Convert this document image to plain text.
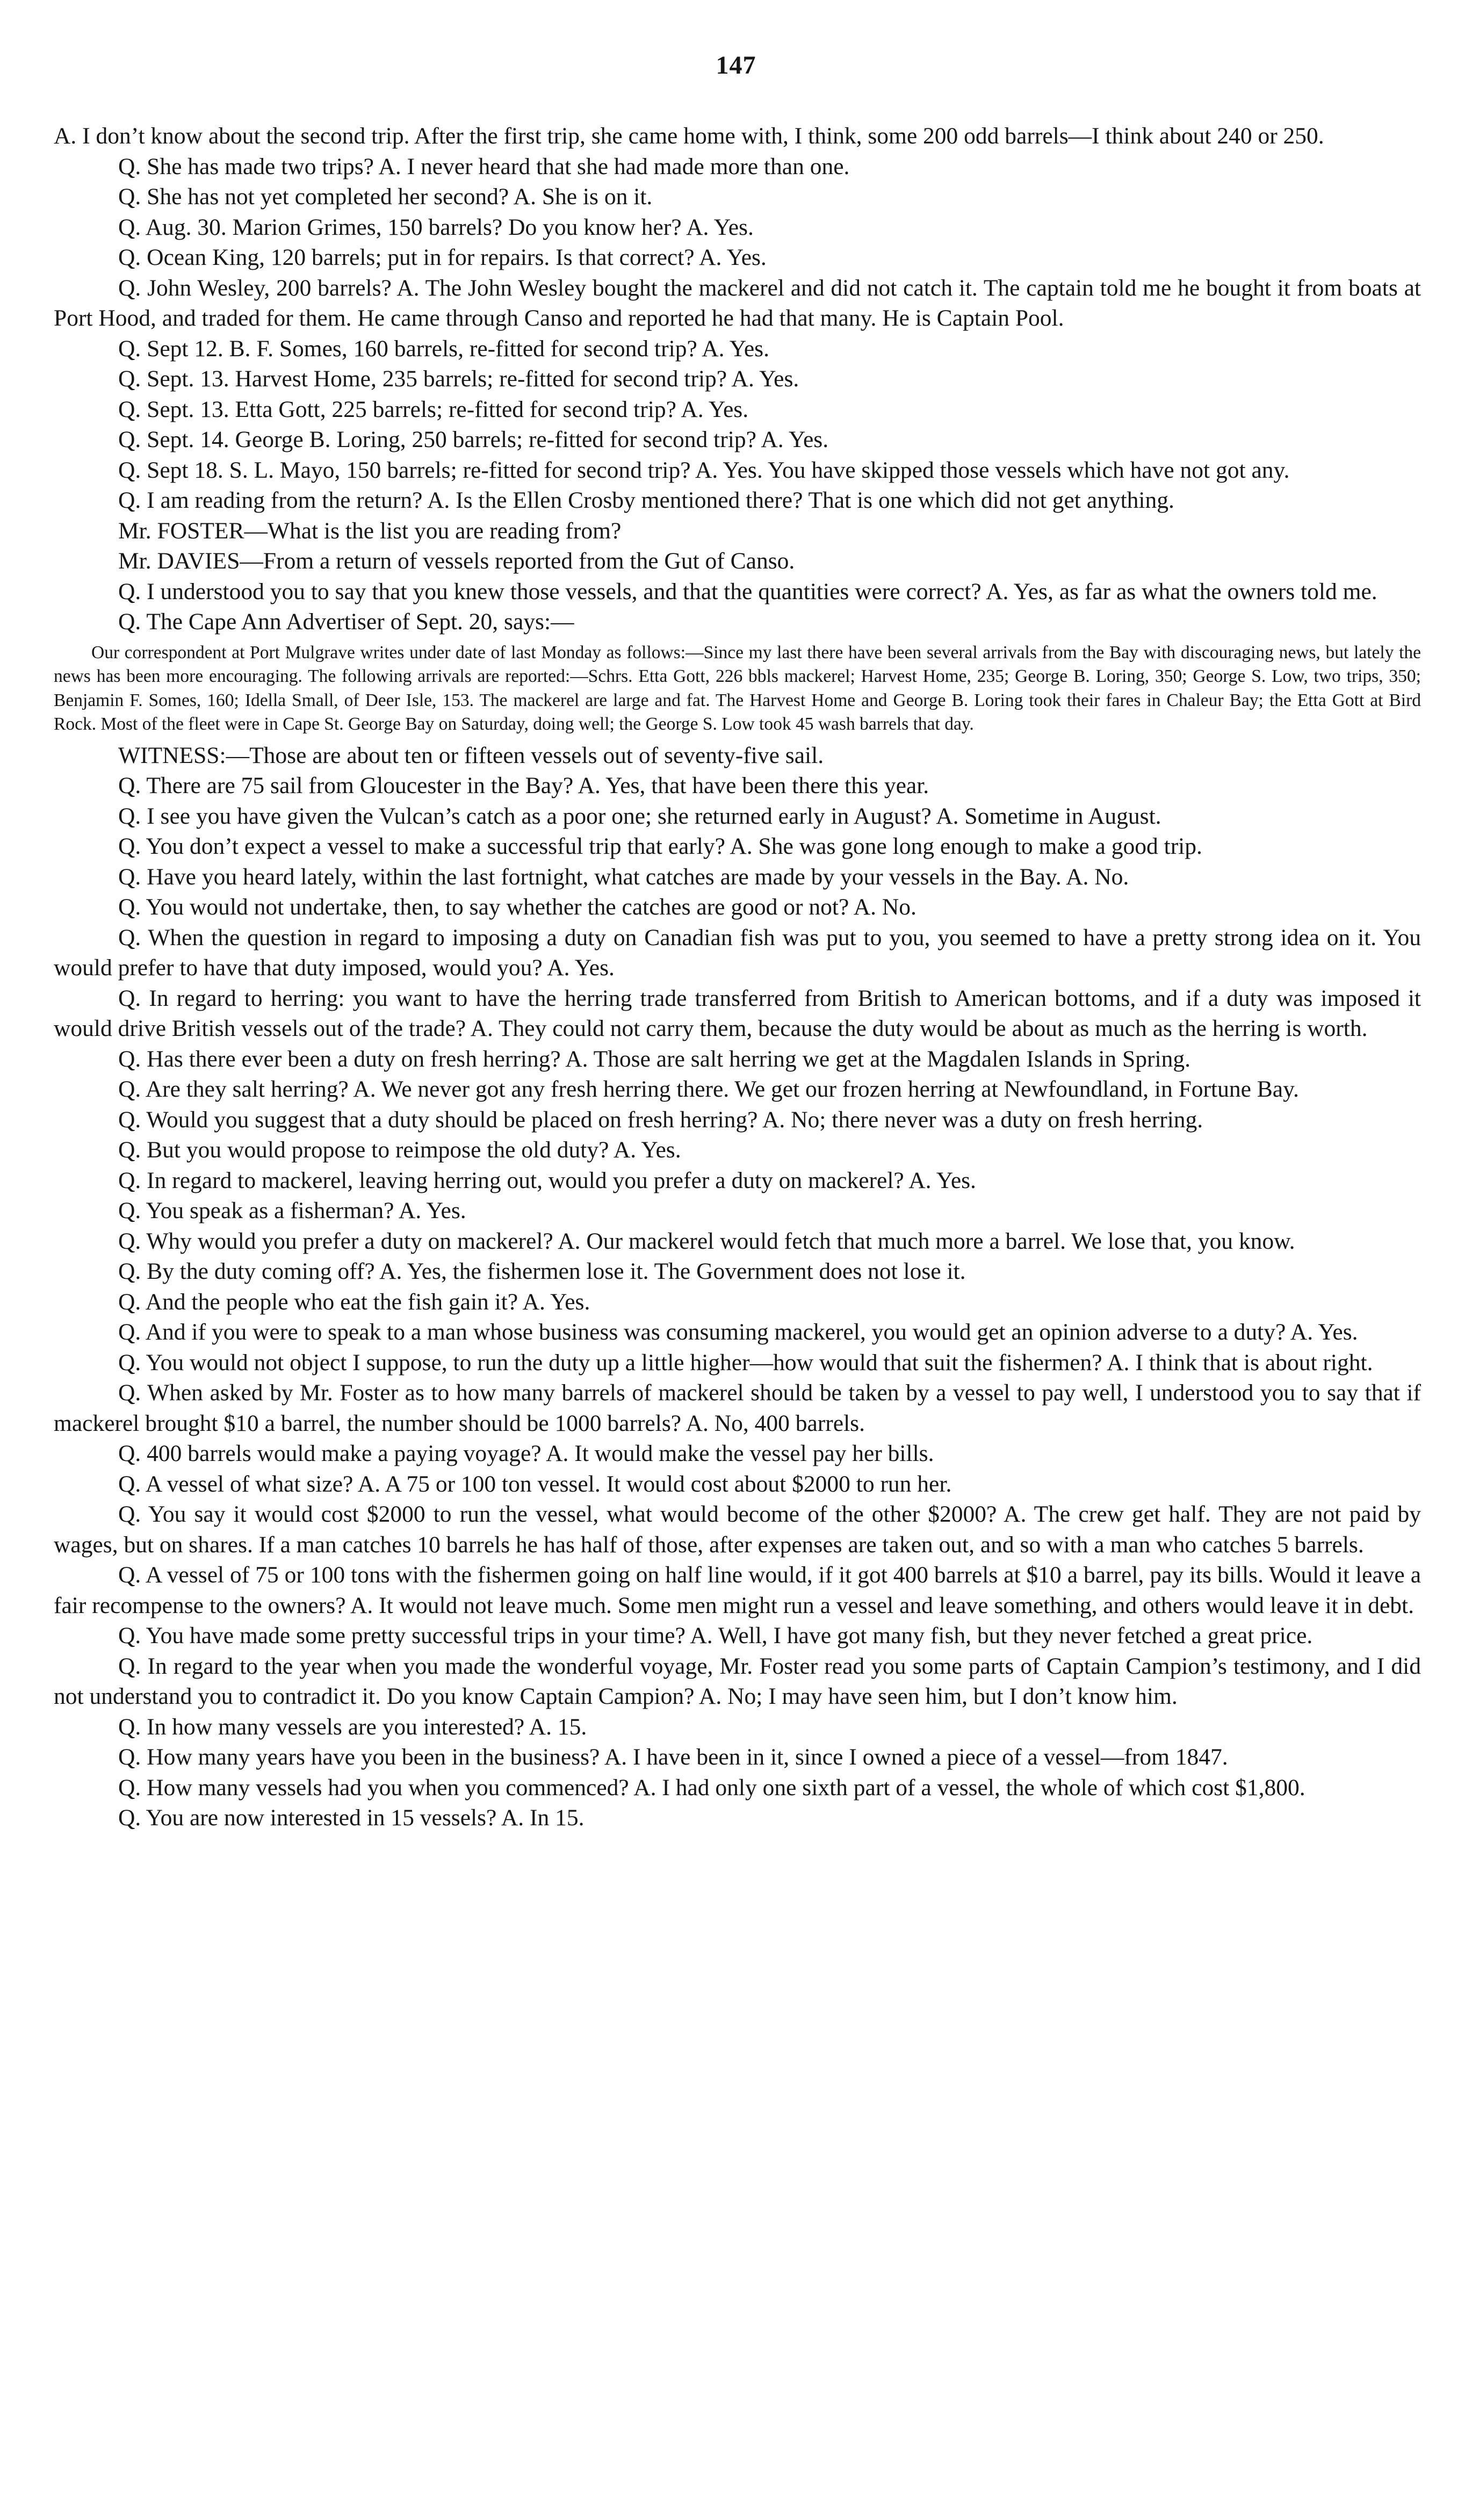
147

A. I don’t know about the second trip. After the first trip, she came home with, I think, some 200 odd barrels—I think about 240 or 250.

Q. She has made two trips? A. I never heard that she had made more than one.

Q. She has not yet completed her second? A. She is on it.

Q. Aug. 30. Marion Grimes, 150 barrels? Do you know her? A. Yes.

Q. Ocean King, 120 barrels; put in for repairs. Is that correct? A. Yes.

Q. John Wesley, 200 barrels? A. The John Wesley bought the mackerel and did not catch it. The captain told me he bought it from boats at Port Hood, and traded for them. He came through Canso and reported he had that many. He is Captain Pool.

Q. Sept 12. B. F. Somes, 160 barrels, re-fitted for second trip? A. Yes.

Q. Sept. 13. Harvest Home, 235 barrels; re-fitted for second trip? A. Yes.

Q. Sept. 13. Etta Gott, 225 barrels; re-fitted for second trip? A. Yes.

Q. Sept. 14. George B. Loring, 250 barrels; re-fitted for second trip? A. Yes.

Q. Sept 18. S. L. Mayo, 150 barrels; re-fitted for second trip? A. Yes. You have skipped those vessels which have not got any.

Q. I am reading from the return? A. Is the Ellen Crosby mentioned there? That is one which did not get anything.

Mr. FOSTER—What is the list you are reading from?

Mr. DAVIES—From a return of vessels reported from the Gut of Canso.

Q. I understood you to say that you knew those vessels, and that the quantities were correct? A. Yes, as far as what the owners told me.

Q. The Cape Ann Advertiser of Sept. 20, says:—

Our correspondent at Port Mulgrave writes under date of last Monday as follows:—Since my last there have been several arrivals from the Bay with discouraging news, but lately the news has been more encouraging. The following arrivals are reported:—Schrs. Etta Gott, 226 bbls mackerel; Harvest Home, 235; George B. Loring, 350; George S. Low, two trips, 350; Benjamin F. Somes, 160; Idella Small, of Deer Isle, 153. The mackerel are large and fat. The Harvest Home and George B. Loring took their fares in Chaleur Bay; the Etta Gott at Bird Rock. Most of the fleet were in Cape St. George Bay on Saturday, doing well; the George S. Low took 45 wash barrels that day.

WITNESS:—Those are about ten or fifteen vessels out of seventy-five sail.

Q. There are 75 sail from Gloucester in the Bay? A. Yes, that have been there this year.

Q. I see you have given the Vulcan’s catch as a poor one; she returned early in August? A. Sometime in August.

Q. You don’t expect a vessel to make a successful trip that early? A. She was gone long enough to make a good trip.

Q. Have you heard lately, within the last fortnight, what catches are made by your vessels in the Bay. A. No.

Q. You would not undertake, then, to say whether the catches are good or not? A. No.

Q. When the question in regard to imposing a duty on Canadian fish was put to you, you seemed to have a pretty strong idea on it. You would prefer to have that duty imposed, would you? A. Yes.

Q. In regard to herring: you want to have the herring trade transferred from British to American bottoms, and if a duty was imposed it would drive British vessels out of the trade? A. They could not carry them, because the duty would be about as much as the herring is worth.

Q. Has there ever been a duty on fresh herring? A. Those are salt herring we get at the Magdalen Islands in Spring.

Q. Are they salt herring? A. We never got any fresh herring there. We get our frozen herring at Newfoundland, in Fortune Bay.

Q. Would you suggest that a duty should be placed on fresh herring? A. No; there never was a duty on fresh herring.

Q. But you would propose to reimpose the old duty? A. Yes.

Q. In regard to mackerel, leaving herring out, would you prefer a duty on mackerel? A. Yes.

Q. You speak as a fisherman? A. Yes.

Q. Why would you prefer a duty on mackerel? A. Our mackerel would fetch that much more a barrel. We lose that, you know.

Q. By the duty coming off? A. Yes, the fishermen lose it. The Government does not lose it.

Q. And the people who eat the fish gain it? A. Yes.

Q. And if you were to speak to a man whose business was consuming mackerel, you would get an opinion adverse to a duty? A. Yes.

Q. You would not object I suppose, to run the duty up a little higher—how would that suit the fishermen? A. I think that is about right.

Q. When asked by Mr. Foster as to how many barrels of mackerel should be taken by a vessel to pay well, I understood you to say that if mackerel brought $10 a barrel, the number should be 1000 barrels? A. No, 400 barrels.

Q. 400 barrels would make a paying voyage? A. It would make the vessel pay her bills.

Q. A vessel of what size? A. A 75 or 100 ton vessel. It would cost about $2000 to run her.

Q. You say it would cost $2000 to run the vessel, what would become of the other $2000? A. The crew get half. They are not paid by wages, but on shares. If a man catches 10 barrels he has half of those, after expenses are taken out, and so with a man who catches 5 barrels.

Q. A vessel of 75 or 100 tons with the fishermen going on half line would, if it got 400 barrels at $10 a barrel, pay its bills. Would it leave a fair recompense to the owners? A. It would not leave much. Some men might run a vessel and leave something, and others would leave it in debt.

Q. You have made some pretty successful trips in your time? A. Well, I have got many fish, but they never fetched a great price.

Q. In regard to the year when you made the wonderful voyage, Mr. Foster read you some parts of Captain Campion’s testimony, and I did not understand you to contradict it. Do you know Captain Campion? A. No; I may have seen him, but I don’t know him.

Q. In how many vessels are you interested? A. 15.

Q. How many years have you been in the business? A. I have been in it, since I owned a piece of a vessel—from 1847.

Q. How many vessels had you when you commenced? A. I had only one sixth part of a vessel, the whole of which cost $1,800.

Q. You are now interested in 15 vessels? A. In 15.
